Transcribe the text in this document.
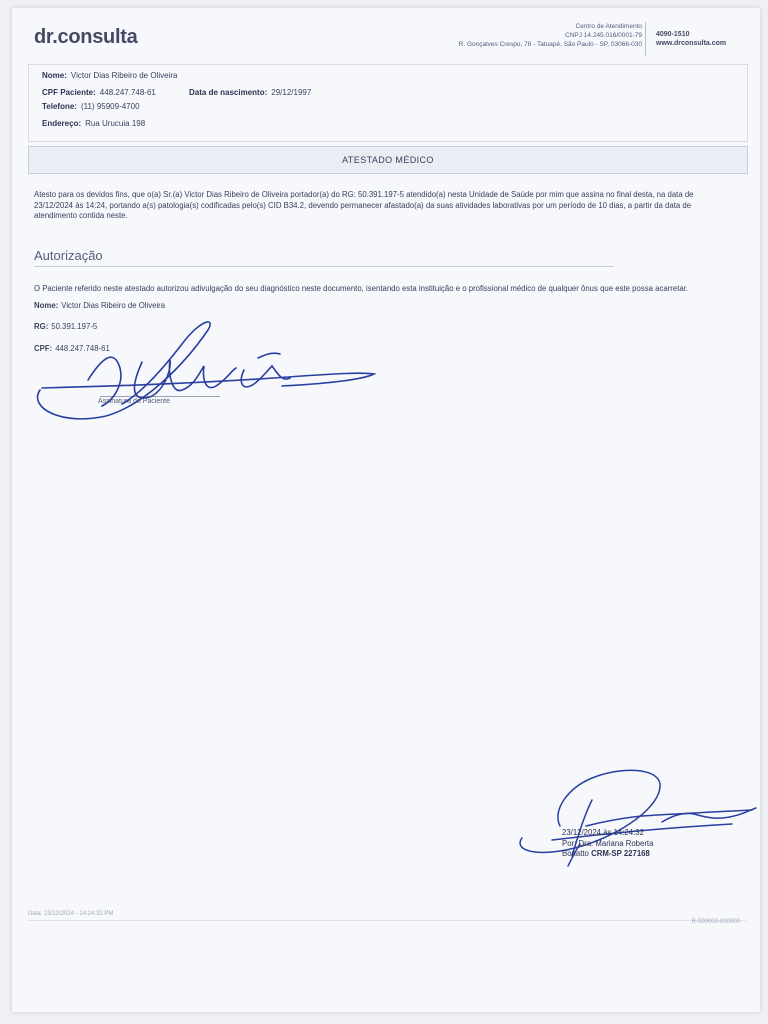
dr.consulta	Centro de Atendimento
CNPJ 14.245.016/0001-79
R. Gonçalves Crespo, 78 - Tatuapé, São Paulo - SP, 03066-030
4090-1510
www.drconsulta.com
Nome: Victor Dias Ribeiro de Oliveira
CPF Paciente: 448.247.748-61	Data de nascimento: 29/12/1997
Telefone: (11) 95909-4700
Endereço: Rua Urucuia 198
ATESTADO MÉDICO
Atesto para os devidos fins, que o(a) Sr.(a) Victor Dias Ribeiro de Oliveira portador(a) do RG: 50.391.197-5 atendido(a) nesta Unidade de Saúde por mim que assina no final desta, na data de 23/12/2024 às 14:24, portando a(s) patologia(s) codificadas pelo(s) CID B34.2, devendo permanecer afastado(a) da suas atividades laborativas por um período de 10 dias, a partir da data de atendimento contida neste.
Autorização
O Paciente referido neste atestado autorizou adivulgação do seu diagnóstico neste documento, isentando esta instituição e o profissional médico de qualquer ônus que este possa acarretar.
Nome: Victor Dias Ribeiro de Oliveira
RG: 50.391.197-5
CPF: 448.247.748-61
Assinatura do Paciente
23/12/2024 às 14:24:32
Por: Dra. Mariana Roberta
Bonatto CRM-SP 227168
Data: 23/12/2024 - 14:24:32 PM
R-000000-000000
